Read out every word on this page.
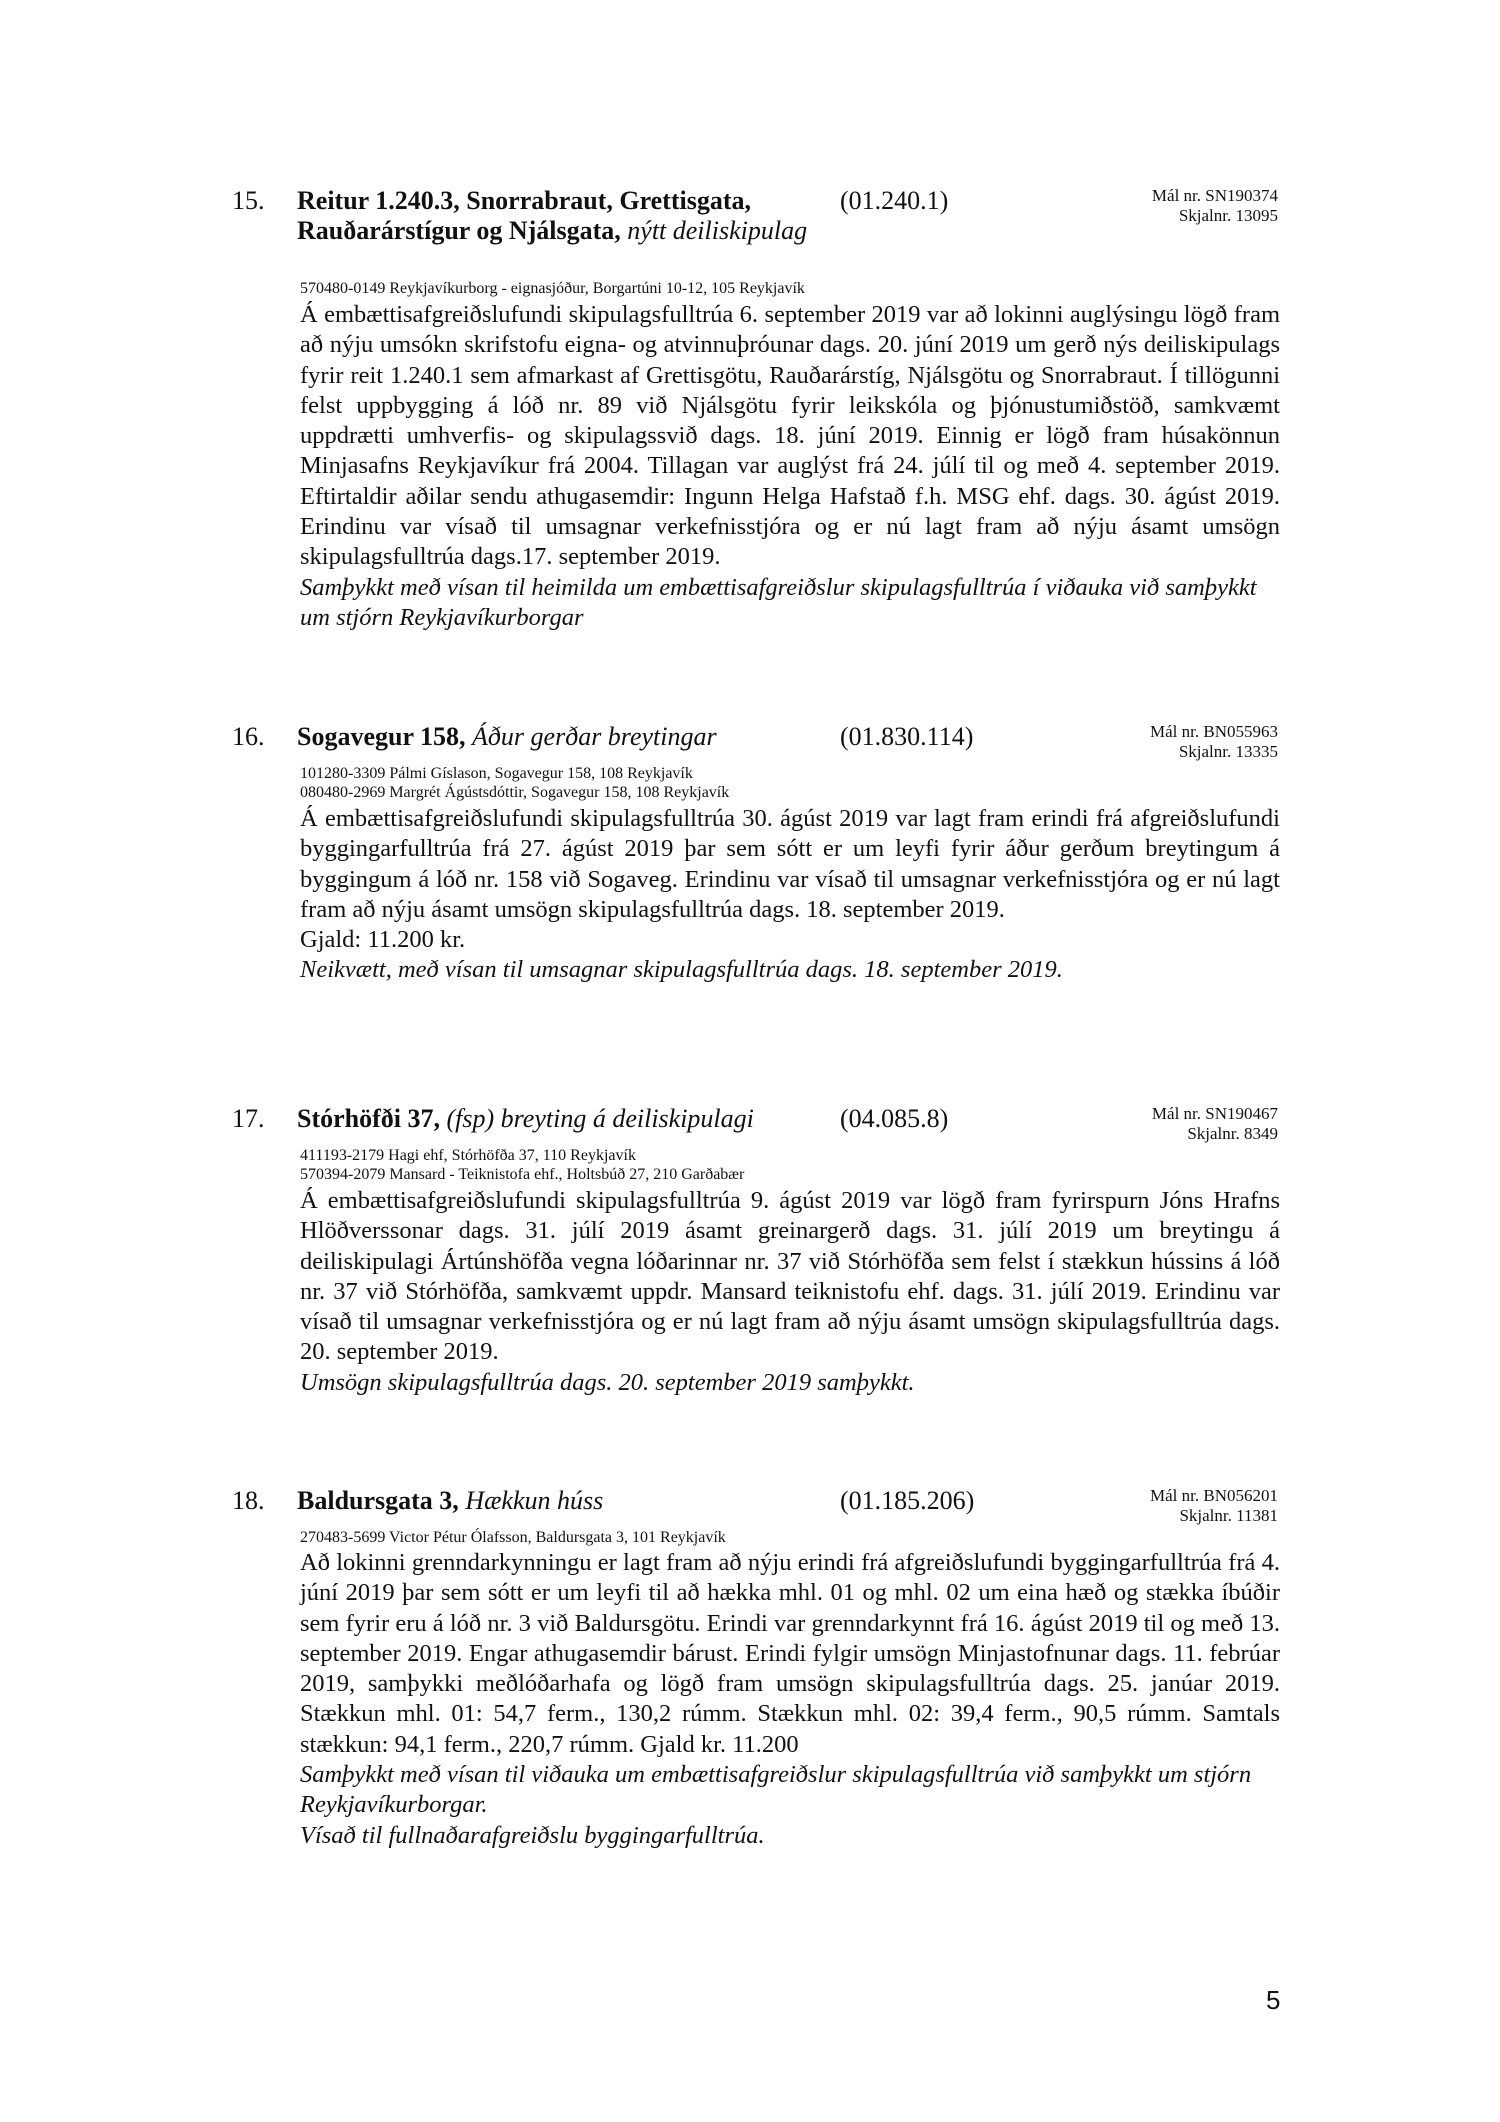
15. Reitur 1.240.3, Snorrabraut, Grettisgata, Rauðarárstígur og Njálsgata, nýtt deiliskipulag
(01.240.1)	Mál nr. SN190374
Skjalnr. 13095
570480-0149 Reykjavíkurborg - eignasjóður, Borgartúni 10-12, 105 Reykjavík
Á embættisafgreiðslufundi skipulagsfulltrúa 6. september 2019 var að lokinni auglýsingu lögð fram að nýju umsókn skrifstofu eigna- og atvinnuþróunar dags. 20. júní 2019 um gerð nýs deiliskipulags fyrir reit 1.240.1 sem afmarkast af Grettisgötu, Rauðarárstíg, Njálsgötu og Snorrabraut. Í tillögunni felst uppbygging á lóð nr. 89 við Njálsgötu fyrir leikskóla og þjónustumiðstöð, samkvæmt uppdrætti umhverfis- og skipulagssvið dags. 18. júní 2019. Einnig er lögð fram húsakönnun Minjasafns Reykjavíkur frá 2004. Tillagan var auglýst frá 24. júlí til og með 4. september 2019. Eftirtaldir aðilar sendu athugasemdir: Ingunn Helga Hafstað f.h. MSG ehf. dags. 30. ágúst 2019. Erindinu var vísað til umsagnar verkefnisstjóra og er nú lagt fram að nýju ásamt umsögn skipulagsfulltrúa dags.17. september 2019.
Samþykkt með vísan til heimilda um embættisafgreiðslur skipulagsfulltrúa í viðauka við samþykkt um stjórn Reykjavíkurborgar
16. Sogavegur 158, Áður gerðar breytingar	(01.830.114)	Mál nr. BN055963
Skjalnr. 13335
101280-3309 Pálmi Gíslason, Sogavegur 158, 108 Reykjavík
080480-2969 Margrét Ágústsdóttir, Sogavegur 158, 108 Reykjavík
Á embættisafgreiðslufundi skipulagsfulltrúa 30. ágúst 2019 var lagt fram erindi frá afgreiðslufundi byggingarfulltrúa frá 27. ágúst 2019 þar sem sótt er um leyfi fyrir áður gerðum breytingum á byggingum á lóð nr. 158 við Sogaveg. Erindinu var vísað til umsagnar verkefnisstjóra og er nú lagt fram að nýju ásamt umsögn skipulagsfulltrúa dags. 18. september 2019.
Gjald: 11.200 kr.
Neikvætt, með vísan til umsagnar skipulagsfulltrúa dags. 18. september 2019.
17. Stórhöfði 37, (fsp) breyting á deiliskipulagi	(04.085.8)	Mál nr. SN190467
Skjalnr. 8349
411193-2179 Hagi ehf, Stórhöfða 37, 110 Reykjavík
570394-2079 Mansard - Teiknistofa ehf., Holtsbúð 27, 210 Garðabær
Á embættisafgreiðslufundi skipulagsfulltrúa 9. ágúst 2019 var lögð fram fyrirspurn Jóns Hrafns Hlöðverssonar dags. 31. júlí 2019 ásamt greinargerð dags. 31. júlí 2019 um breytingu á deiliskipulagi Ártúnshöfða vegna lóðarinnar nr. 37 við Stórhöfða sem felst í stækkun hússins á lóð nr. 37 við Stórhöfða, samkvæmt uppdr. Mansard teiknistofu ehf. dags. 31. júlí 2019. Erindinu var vísað til umsagnar verkefnisstjóra og er nú lagt fram að nýju ásamt umsögn skipulagsfulltrúa dags. 20. september 2019.
Umsögn skipulagsfulltrúa dags. 20. september 2019 samþykkt.
18. Baldursgata 3, Hækkun húss	(01.185.206)	Mál nr. BN056201
Skjalnr. 11381
270483-5699 Victor Pétur Ólafsson, Baldursgata 3, 101 Reykjavík
Að lokinni grenndarkynningu er lagt fram að nýju erindi frá afgreiðslufundi byggingarfulltrúa frá 4. júní 2019 þar sem sótt er um leyfi til að hækka mhl. 01 og mhl. 02 um eina hæð og stækka íbúðir sem fyrir eru á lóð nr. 3 við Baldursgötu. Erindi var grenndarkynnt frá 16. ágúst 2019 til og með 13. september 2019. Engar athugasemdir bárust. Erindi fylgir umsögn Minjastofnunar dags. 11. febrúar 2019, samþykki meðlóðarhafa og lögð fram umsögn skipulagsfulltrúa dags. 25. janúar 2019. Stækkun mhl. 01: 54,7 ferm., 130,2 rúmm. Stækkun mhl. 02: 39,4 ferm., 90,5 rúmm. Samtals stækkun: 94,1 ferm., 220,7 rúmm. Gjald kr. 11.200
Samþykkt með vísan til viðauka um embættisafgreiðslur skipulagsfulltrúa við samþykkt um stjórn Reykjavíkurborgar.
Vísað til fullnaðarafgreiðslu byggingarfulltrúa.
5
